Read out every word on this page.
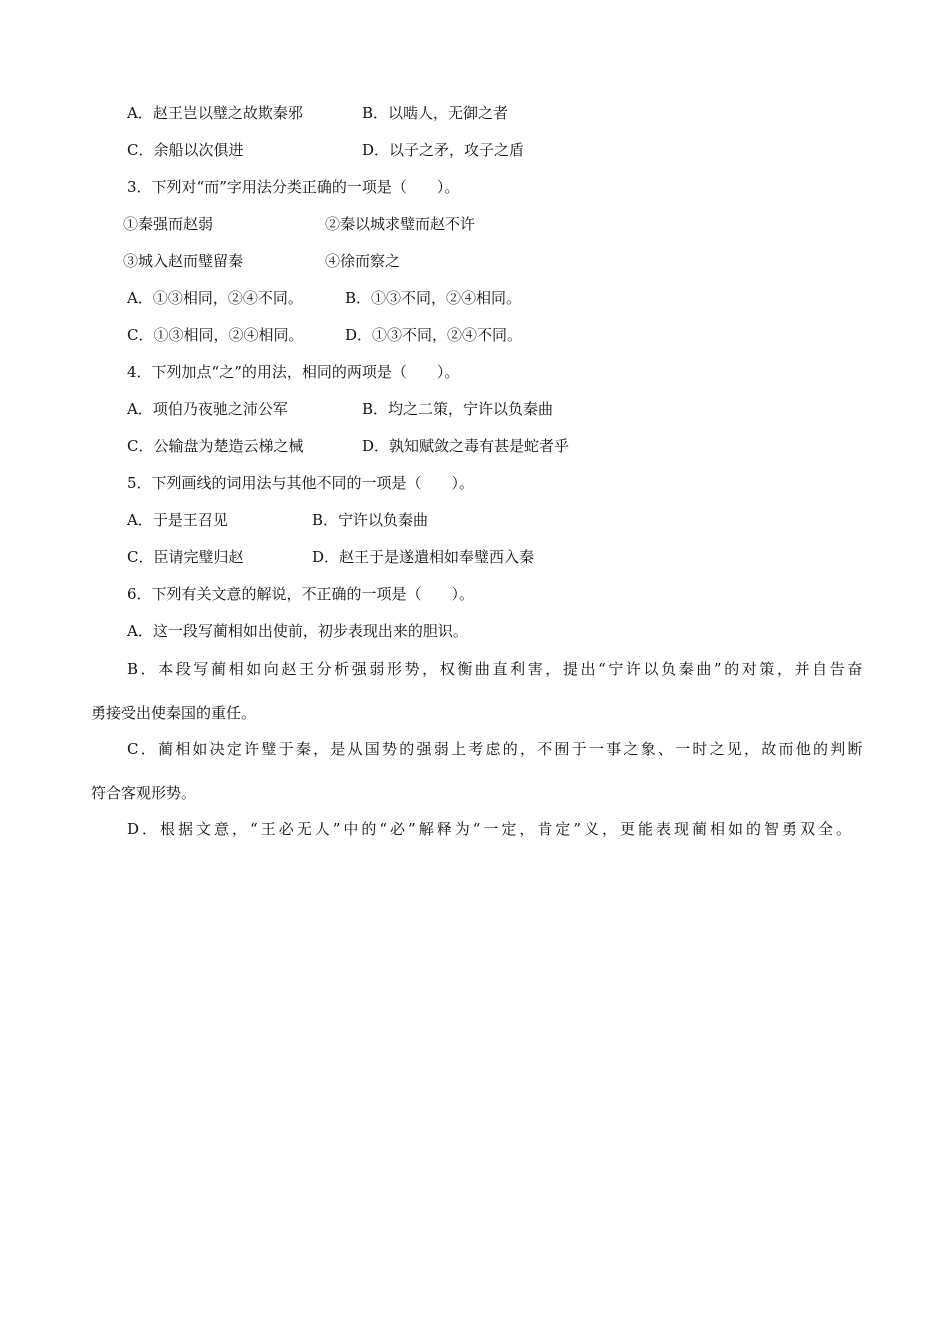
A．赵王岂以璧之故欺秦邪	B．以啮人，无御之者
C．余船以次俱进	D．以子之矛，攻子之盾
3．下列对“而”字用法分类正确的一项是（　　）。
①秦强而赵弱	②秦以城求璧而赵不许
③城入赵而璧留秦	④徐而察之
A．①③相同，②④不同。	B．①③不同，②④相同。
C．①③相同，②④相同。	D．①③不同，②④不同。
4．下列加点“之”的用法，相同的两项是（　　）。
A．项伯乃夜驰之沛公军	B．均之二策，宁许以负秦曲
C．公输盘为楚造云梯之械	D．孰知赋敛之毒有甚是蛇者乎
5．下列画线的词用法与其他不同的一项是（　　）。
A．于是王召见	B．宁许以负秦曲
C．臣请完璧归赵	D．赵王于是遂遣相如奉璧西入秦
6．下列有关文意的解说，不正确的一项是（　　）。
A．这一段写蔺相如出使前，初步表现出来的胆识。
B．本段写蔺相如向赵王分析强弱形势，权衡曲直利害，提出“宁许以负秦曲”的对策，并自告奋
勇接受出使秦国的重任。
C．蔺相如决定许璧于秦，是从国势的强弱上考虑的，不囿于一事之象、一时之见，故而他的判断
符合客观形势。
D．根据文意，“王必无人”中的“必”解释为“一定，肯定”义，更能表现蔺相如的智勇双全。
